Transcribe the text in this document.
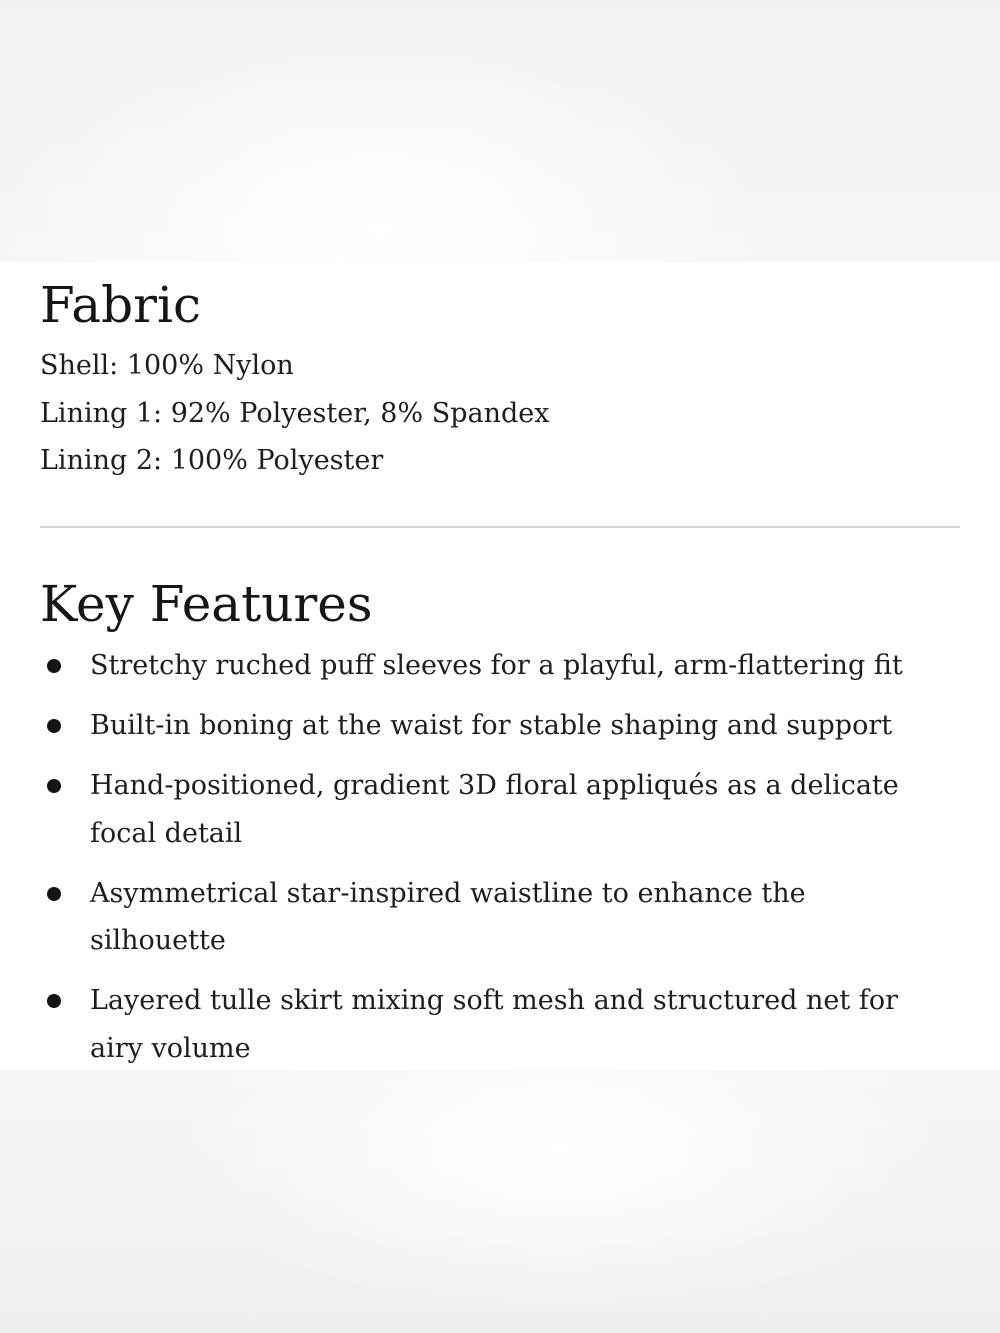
Fabric
Shell: 100% Nylon
Lining 1: 92% Polyester, 8% Spandex
Lining 2: 100% Polyester
Key Features
Stretchy ruched puff sleeves for a playful, arm-flattering fit
Built-in boning at the waist for stable shaping and support
Hand-positioned, gradient 3D floral appliqués as a delicate focal detail
Asymmetrical star-inspired waistline to enhance the silhouette
Layered tulle skirt mixing soft mesh and structured net for airy volume
